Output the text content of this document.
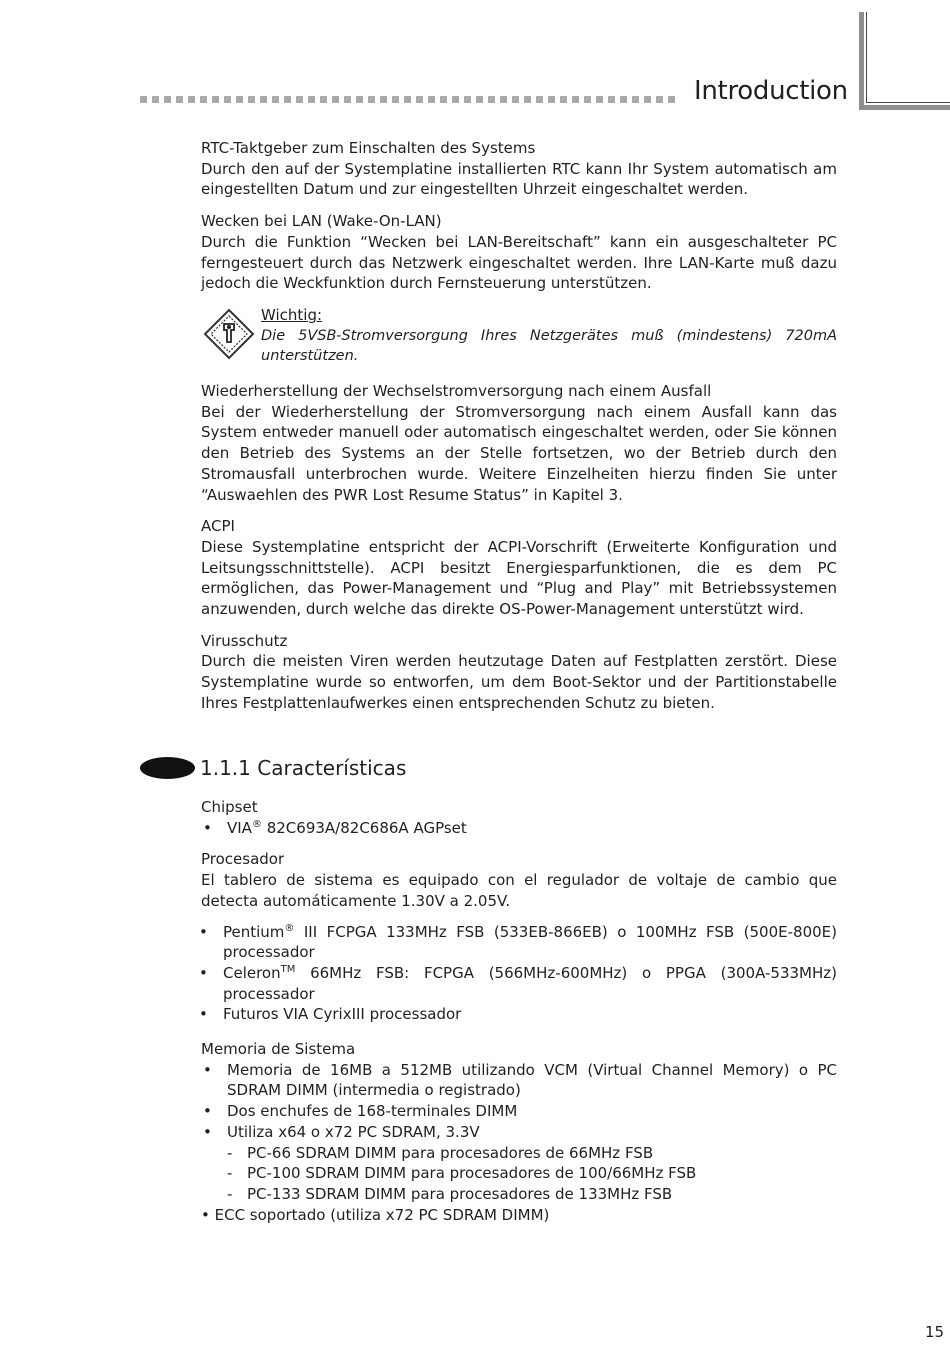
Introduction
RTC-Taktgeber zum Einschalten des Systems

Durch den auf der Systemplatine installierten RTC kann Ihr System automatisch am eingestellten Datum und zur eingestellten Uhrzeit eingeschaltet werden.

Wecken bei LAN (Wake-On-LAN)

Durch die Funktion “Wecken bei LAN-Bereitschaft” kann ein ausgeschalteter PC ferngesteuert durch das Netzwerk eingeschaltet werden. Ihre LAN-Karte muß dazu jedoch die Weckfunktion durch Fernsteuerung unterstützen.

Wichtig:
Die 5VSB-Stromversorgung Ihres Netzgerätes muß (mindestens) 720mA unterstützen.
Wiederherstellung der Wechselstromversorgung nach einem Ausfall

Bei der Wiederherstellung der Stromversorgung nach einem Ausfall kann das System entweder manuell oder automatisch eingeschaltet werden, oder Sie können den Betrieb des Systems an der Stelle fortsetzen, wo der Betrieb durch den Stromausfall unterbrochen wurde. Weitere Einzelheiten hierzu finden Sie unter “Auswaehlen des PWR Lost Resume Status” in Kapitel 3.

ACPI

Diese Systemplatine entspricht der ACPI-Vorschrift (Erweiterte Konfiguration und Leitsungsschnittstelle). ACPI besitzt Energiesparfunktionen, die es dem PC ermöglichen, das Power-Management und “Plug and Play” mit Betriebssystemen anzuwenden, durch welche das direkte OS-Power-Management unterstützt wird.

Virusschutz

Durch die meisten Viren werden heutzutage Daten auf Festplatten zerstört. Diese Systemplatine wurde so entworfen, um dem Boot-Sektor und der Partitionstabelle Ihres Festplattenlaufwerkes einen entsprechenden Schutz zu bieten.

1.1.1 Características
Chipset
• VIA® 82C693A/82C686A AGPset
Procesador

El tablero de sistema es equipado con el regulador de voltaje de cambio que detecta automáticamente 1.30V a 2.05V.

• Pentium® III FCPGA 133MHz FSB (533EB-866EB) o 100MHz FSB (500E-800E) processador
• Celeron™ 66MHz FSB: FCPGA (566MHz-600MHz) o PPGA (300A-533MHz) processador
• Futuros VIA CyrixIII processador
Memoria de Sistema
• Memoria de 16MB a 512MB utilizando VCM (Virtual Channel Memory) o PC SDRAM DIMM (intermedia o registrado)
• Dos enchufes de 168-terminales DIMM
• Utiliza x64 o x72 PC SDRAM, 3.3V
- PC-66 SDRAM DIMM para procesadores de 66MHz FSB
- PC-100 SDRAM DIMM para procesadores de 100/66MHz FSB
- PC-133 SDRAM DIMM para procesadores de 133MHz FSB
• ECC soportado (utiliza x72 PC SDRAM DIMM)
15
